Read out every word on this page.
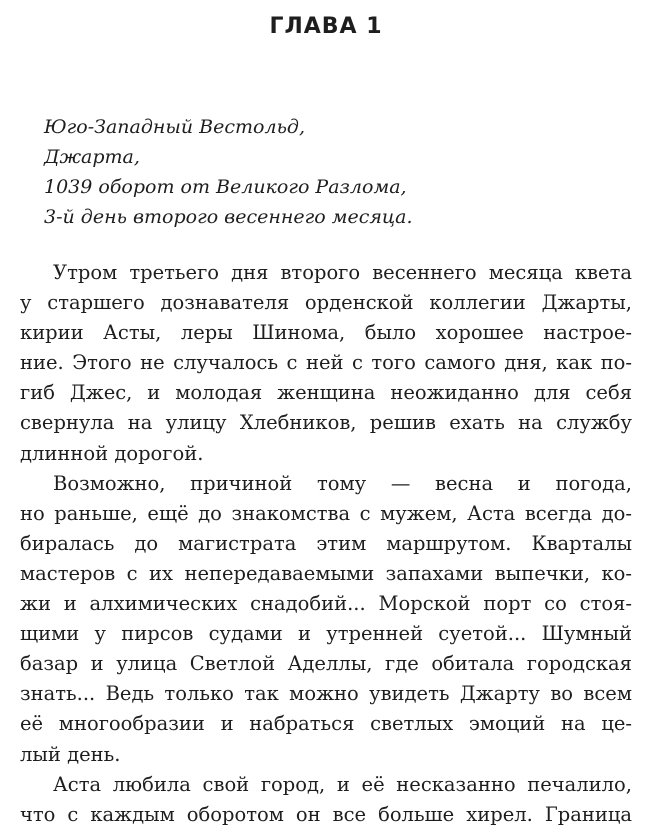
ГЛАВА 1
Юго-Западный Вестольд,
Джарта,
1039 оборот от Великого Разлома,
3-й день второго весеннего месяца.
Утром третьего дня второго весеннего месяца квета
у старшего дознавателя орденской коллегии Джарты,
кирии Асты, леры Шинома, было хорошее настрое-
ние. Этого не случалось с ней с того самого дня, как по-
гиб Джес, и молодая женщина неожиданно для себя
свернула на улицу Хлебников, решив ехать на службу
длинной дорогой.
Возможно, причиной тому — весна и погода,
но раньше, ещё до знакомства с мужем, Аста всегда до-
биралась до магистрата этим маршрутом. Кварталы
мастеров с их непередаваемыми запахами выпечки, ко-
жи и алхимических снадобий... Морской порт со стоя-
щими у пирсов судами и утренней суетой... Шумный
базар и улица Светлой Аделлы, где обитала городская
знать... Ведь только так можно увидеть Джарту во всем
её многообразии и набраться светлых эмоций на це-
лый день.
Аста любила свой город, и её несказанно печалило,
что с каждым оборотом он все больше хирел. Граница
